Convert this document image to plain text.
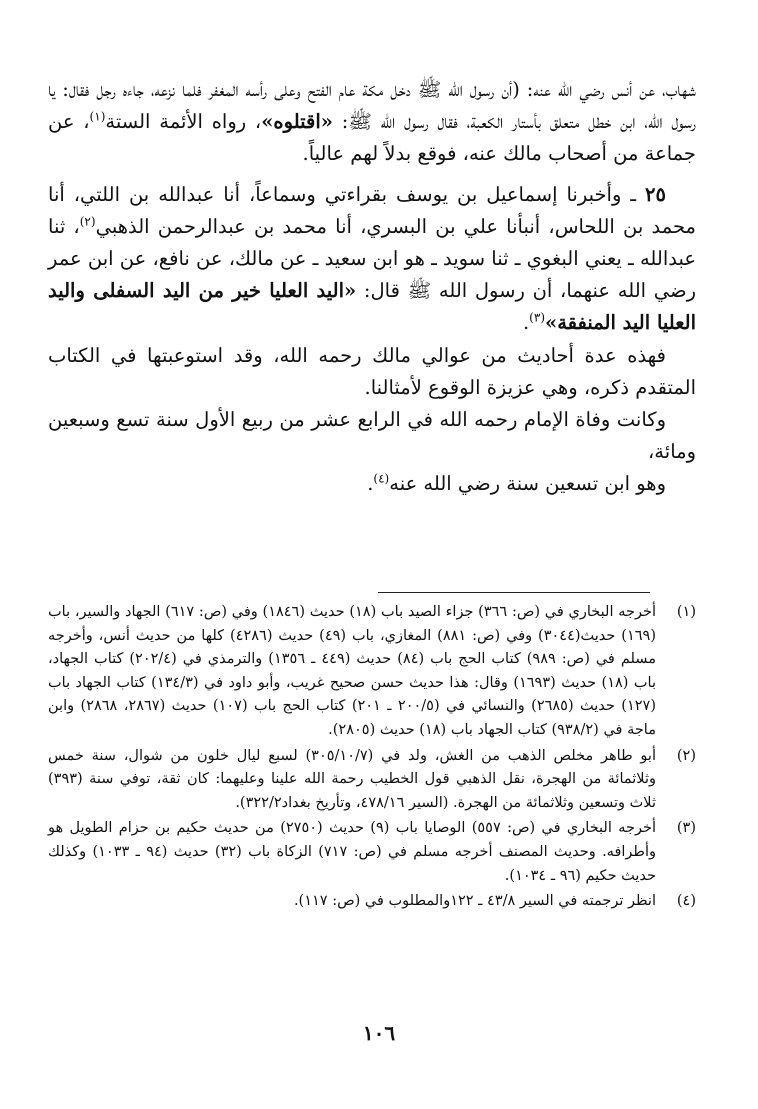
شهاب، عن أنس رضي الله عنه: (أن رسول الله ﷺ دخل مكة عام الفتح وعلى رأسه المغفر فلما نزعه، جاءه رجل فقال: يا رسول الله، ابن خطل متعلق بأستار الكعبة، فقال رسول الله ﷺ: «اقتلوه»، رواه الأئمة الستة$^{(١)}$، عن جماعة من أصحاب مالك عنه، فوقع بدلاً لهم عالياً.

٢٥ ـ وأخبرنا إسماعيل بن يوسف بقراءتي وسماعاً، أنا عبدالله بن اللتي، أنا محمد بن اللحاس، أنبأنا علي بن البسري، أنا محمد بن عبدالرحمن الذهبي$^{(٢)}$، ثنا عبدالله ـ يعني البغوي ـ ثنا سويد ـ هو ابن سعيد ـ عن مالك، عن نافع، عن ابن عمر رضي الله عنهما، أن رسول الله ﷺ قال: «اليد العليا خير من اليد السفلى واليد العليا اليد المنفقة»$^{(٣)}$.

فهذه عدة أحاديث من عوالي مالك رحمه الله، وقد استوعبتها في الكتاب المتقدم ذكره، وهي عزيزة الوقوع لأمثالنا.

وكانت وفاة الإمام رحمه الله في الرابع عشر من ربيع الأول سنة تسع وسبعين ومائة،

وهو ابن تسعين سنة رضي الله عنه$^{(٤)}$.

(١)
أخرجه البخاري في (ص: ٣٦٦) جزاء الصيد باب (١٨) حديث (١٨٤٦) وفي (ص: ٦١٧) الجهاد والسير، باب (١٦٩) حديث(٣٠٤٤) وفي (ص: ٨٨١) المغازي، باب (٤٩) حديث (٤٢٨٦) كلها من حديث أنس، وأخرجه مسلم في (ص: ٩٨٩) كتاب الحج باب (٨٤) حديث (٤٤٩ ـ ١٣٥٦) والترمذي في (٢٠٢/٤) كتاب الجهاد، باب (١٨) حديث (١٦٩٣) وقال: هذا حديث حسن صحيح غريب، وأبو داود في (١٣٤/٣) كتاب الجهاد باب (١٢٧) حديث (٢٦٨٥) والنسائي في (٢٠٠/٥ ـ ٢٠١) كتاب الحج باب (١٠٧) حديث (٢٨٦٧، ٢٨٦٨) وابن ماجة في (٩٣٨/٢) كتاب الجهاد باب (١٨) حديث (٢٨٠٥).
(٢)
أبو طاهر مخلص الذهب من الغش، ولد في (٣٠٥/١٠/٧) لسبع ليال خلون من شوال، سنة خمس وثلاثمائة من الهجرة، نقل الذهبي قول الخطيب رحمة الله علينا وعليهما: كان ثقة، توفي سنة (٣٩٣) ثلاث وتسعين وثلاثمائة من الهجرة. (السير ٤٧٨/١٦، وتأريخ بغداد٣٢٢/٢).
(٣)
أخرجه البخاري في (ص: ٥٥٧) الوصايا باب (٩) حديث (٢٧٥٠) من حديث حكيم بن حزام الطويل هو وأطرافه. وحديث المصنف أخرجه مسلم في (ص: ٧١٧) الزكاة باب (٣٢) حديث (٩٤ ـ ١٠٣٣) وكذلك حديث حكيم (٩٦ ـ ١٠٣٤).
(٤)
انظر ترجمته في السير ٤٣/٨ ـ ١٢٢والمطلوب في (ص: ١١٧).
١٠٦
